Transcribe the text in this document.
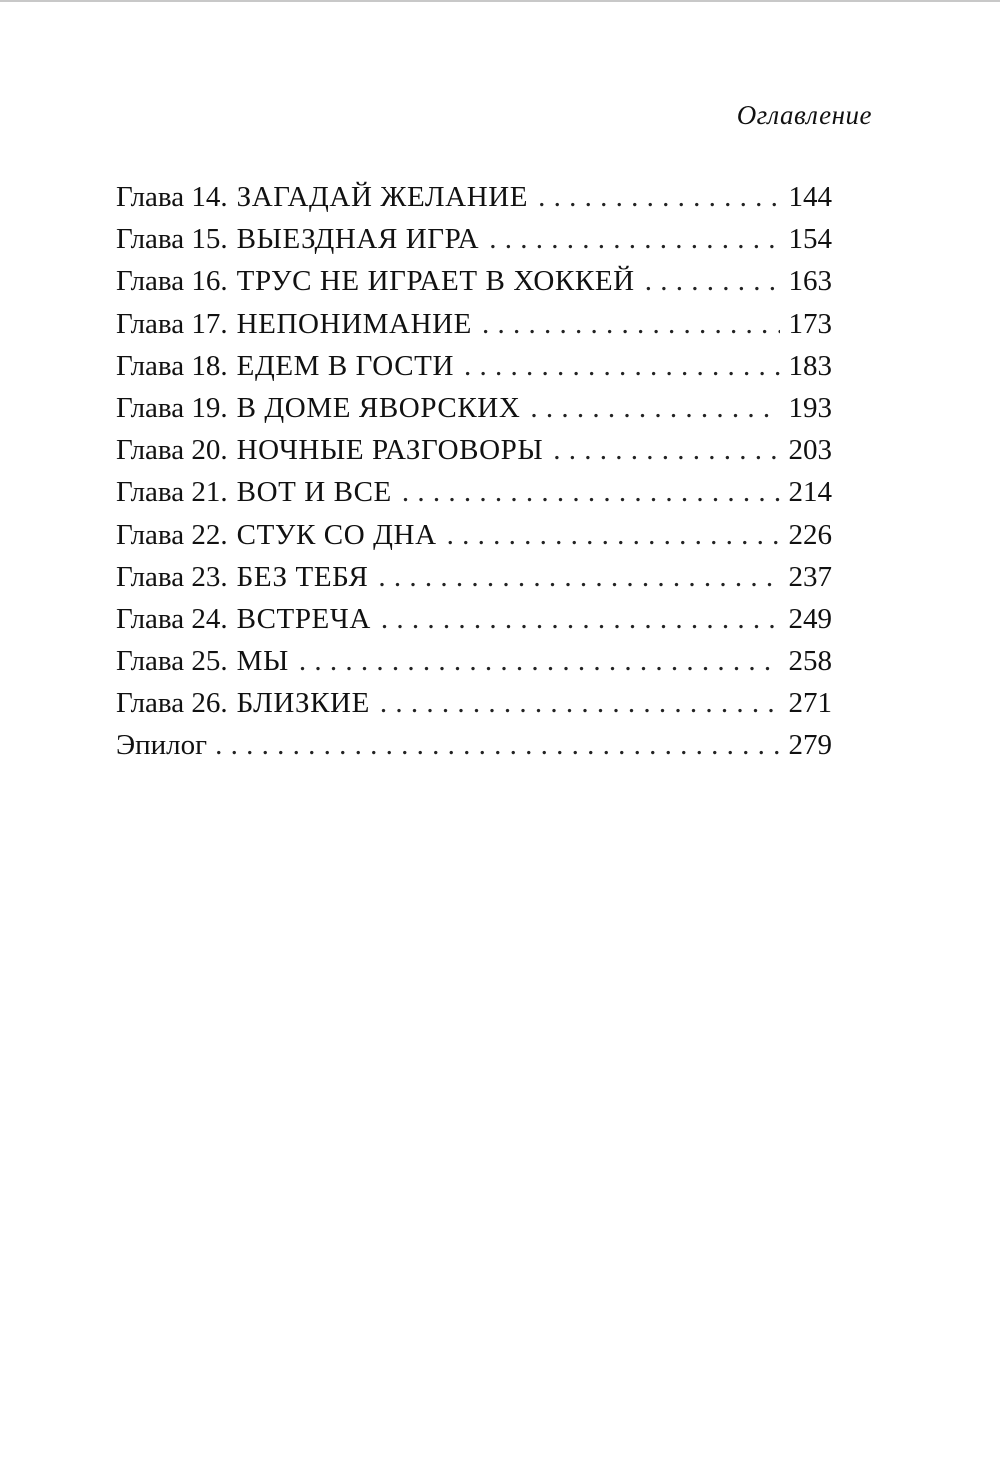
Оглавление
Глава 14. ЗАГАДАЙ ЖЕЛАНИЕ . . .	144
Глава 15. ВЫЕЗДНАЯ ИГРА . . .	154
Глава 16. ТРУС НЕ ИГРАЕТ В ХОККЕЙ . . .	163
Глава 17. НЕПОНИМАНИЕ . . .	173
Глава 18. ЕДЕМ В ГОСТИ . . .	183
Глава 19. В ДОМЕ ЯВОРСКИХ . . .	193
Глава 20. НОЧНЫЕ РАЗГОВОРЫ . . .	203
Глава 21. ВОТ И ВСЕ . . .	214
Глава 22. СТУК СО ДНА . . .	226
Глава 23. БЕЗ ТЕБЯ . . .	237
Глава 24. ВСТРЕЧА . . .	249
Глава 25. МЫ . . .	258
Глава 26. БЛИЗКИЕ . . .	271
Эпилог . . .	279
